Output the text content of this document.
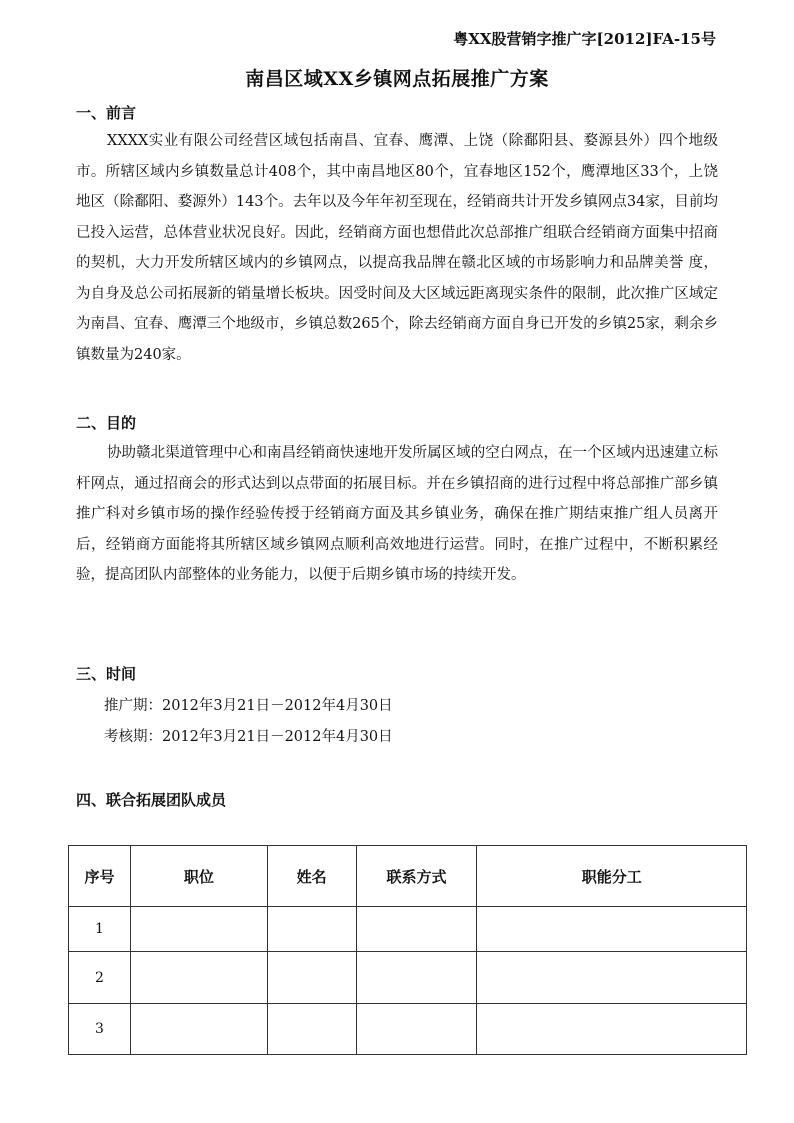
粤XX股营销字推广字[2012]FA-15号
南昌区域XX乡镇网点拓展推广方案
一、前言

XXXX实业有限公司经营区域包括南昌、宜春、鹰潭、上饶（除鄱阳县、婺源县外）四个地级市。所辖区域内乡镇数量总计408个，其中南昌地区80个，宜春地区152个，鹰潭地区33个，上饶地区（除鄱阳、婺源外）143个。去年以及今年年初至现在，经销商共计开发乡镇网点34家，目前均已投入运营，总体营业状况良好。因此，经销商方面也想借此次总部推广组联合经销商方面集中招商的契机，大力开发所辖区域内的乡镇网点，以提高我品牌在赣北区域的市场影响力和品牌美誉 度，为自身及总公司拓展新的销量增长板块。因受时间及大区域远距离现实条件的限制，此次推广区域定为南昌、宜春、鹰潭三个地级市，乡镇总数265个，除去经销商方面自身已开发的乡镇25家，剩余乡镇数量为240家。

二、目的

协助赣北渠道管理中心和南昌经销商快速地开发所属区域的空白网点，在一个区域内迅速建立标杆网点，通过招商会的形式达到以点带面的拓展目标。并在乡镇招商的进行过程中将总部推广部乡镇推广科对乡镇市场的操作经验传授于经销商方面及其乡镇业务，确保在推广期结束推广组人员离开后，经销商方面能将其所辖区域乡镇网点顺利高效地进行运营。同时，在推广过程中，不断积累经验，提高团队内部整体的业务能力，以便于后期乡镇市场的持续开发。

三、时间
推广期：2012年3月21日－2012年4月30日
考核期：2012年3月21日－2012年4月30日
四、联合拓展团队成员
序号	职位	姓名	联系方式	职能分工
1				
2				
3				
